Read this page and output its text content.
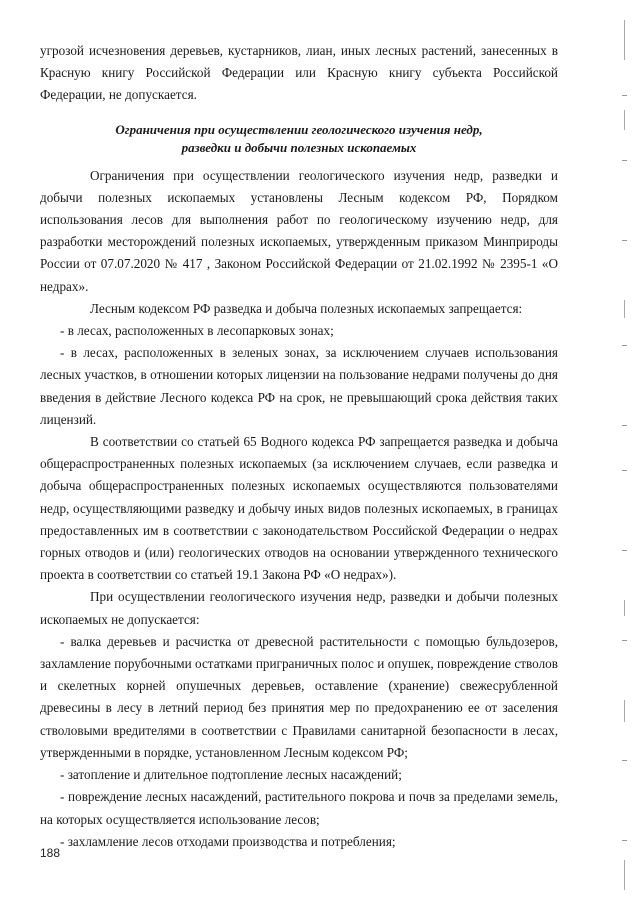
угрозой исчезновения деревьев, кустарников, лиан, иных лесных растений, занесенных в Красную книгу Российской Федерации или Красную книгу субъекта Российской Федерации, не допускается.

Ограничения при осуществлении геологического изучения недр,
разведки и добычи полезных ископаемых

Ограничения при осуществлении геологического изучения недр, разведки и добычи полезных ископаемых установлены Лесным кодексом РФ, Порядком использования лесов для выполнения работ по геологическому изучению недр, для разработки месторождений полезных ископаемых, утвержденным приказом Минприроды России от 07.07.2020 № 417 , Законом Российской Федерации от 21.02.1992 № 2395-1 «О недрах».

Лесным кодексом РФ разведка и добыча полезных ископаемых запрещается:

- в лесах, расположенных в лесопарковых зонах;

- в лесах, расположенных в зеленых зонах, за исключением случаев использования лесных участков, в отношении которых лицензии на пользование недрами получены до дня введения в действие Лесного кодекса РФ на срок, не превышающий срока действия таких лицензий.

В соответствии со статьей 65 Водного кодекса РФ запрещается разведка и добыча общераспространенных полезных ископаемых (за исключением случаев, если разведка и добыча общераспространенных полезных ископаемых осуществляются пользователями недр, осуществляющими разведку и добычу иных видов полезных ископаемых, в границах предоставленных им в соответствии с законодательством Российской Федерации о недрах горных отводов и (или) геологических отводов на основании утвержденного технического проекта в соответствии со статьей 19.1 Закона РФ «О недрах»).

При осуществлении геологического изучения недр, разведки и добычи полезных ископаемых не допускается:

- валка деревьев и расчистка от древесной растительности с помощью бульдозеров, захламление порубочными остатками приграничных полос и опушек, повреждение стволов и скелетных корней опушечных деревьев, оставление (хранение) свежесрубленной древесины в лесу в летний период без принятия мер по предохранению ее от заселения стволовыми вредителями в соответствии с Правилами санитарной безопасности в лесах, утвержденными в порядке, установленном Лесным кодексом РФ;

- затопление и длительное подтопление лесных насаждений;

- повреждение лесных насаждений, растительного покрова и почв за пределами земель, на которых осуществляется использование лесов;

- захламление лесов отходами производства и потребления;

188
